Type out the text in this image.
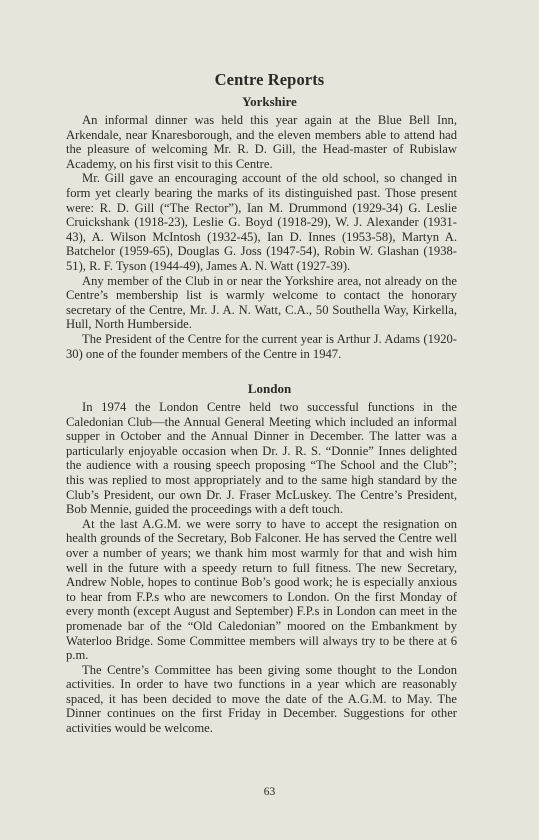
Centre Reports
Yorkshire

An informal dinner was held this year again at the Blue Bell Inn, Arkendale, near Knaresborough, and the eleven members able to attend had the pleasure of welcoming Mr. R. D. Gill, the Head-master of Rubislaw Academy, on his first visit to this Centre.

Mr. Gill gave an encouraging account of the old school, so changed in form yet clearly bearing the marks of its distinguished past. Those present were: R. D. Gill (“The Rector”), Ian M. Drummond (1929-34) G. Leslie Cruickshank (1918-23), Leslie G. Boyd (1918-29), W. J. Alexander (1931-43), A. Wilson McIntosh (1932-45), Ian D. Innes (1953-58), Martyn A. Batchelor (1959-65), Douglas G. Joss (1947-54), Robin W. Glashan (1938-51), R. F. Tyson (1944-49), James A. N. Watt (1927-39).

Any member of the Club in or near the Yorkshire area, not already on the Centre’s membership list is warmly welcome to contact the honorary secretary of the Centre, Mr. J. A. N. Watt, C.A., 50 Southella Way, Kirkella, Hull, North Humberside.

The President of the Centre for the current year is Arthur J. Adams (1920-30) one of the founder members of the Centre in 1947.

London

In 1974 the London Centre held two successful functions in the Caledonian Club—the Annual General Meeting which included an informal supper in October and the Annual Dinner in December. The latter was a particularly enjoyable occasion when Dr. J. R. S. “Donnie” Innes delighted the audience with a rousing speech proposing “The School and the Club”; this was replied to most appropriately and to the same high standard by the Club’s President, our own Dr. J. Fraser McLuskey. The Centre’s President, Bob Mennie, guided the proceedings with a deft touch.

At the last A.G.M. we were sorry to have to accept the resignation on health grounds of the Secretary, Bob Falconer. He has served the Centre well over a number of years; we thank him most warmly for that and wish him well in the future with a speedy return to full fitness. The new Secretary, Andrew Noble, hopes to continue Bob’s good work; he is especially anxious to hear from F.P.s who are newcomers to London. On the first Monday of every month (except August and September) F.P.s in London can meet in the promenade bar of the “Old Caledonian” moored on the Embankment by Waterloo Bridge. Some Committee members will always try to be there at 6 p.m.

The Centre’s Committee has been giving some thought to the London activities. In order to have two functions in a year which are reasonably spaced, it has been decided to move the date of the A.G.M. to May. The Dinner continues on the first Friday in December. Suggestions for other activities would be welcome.

63
